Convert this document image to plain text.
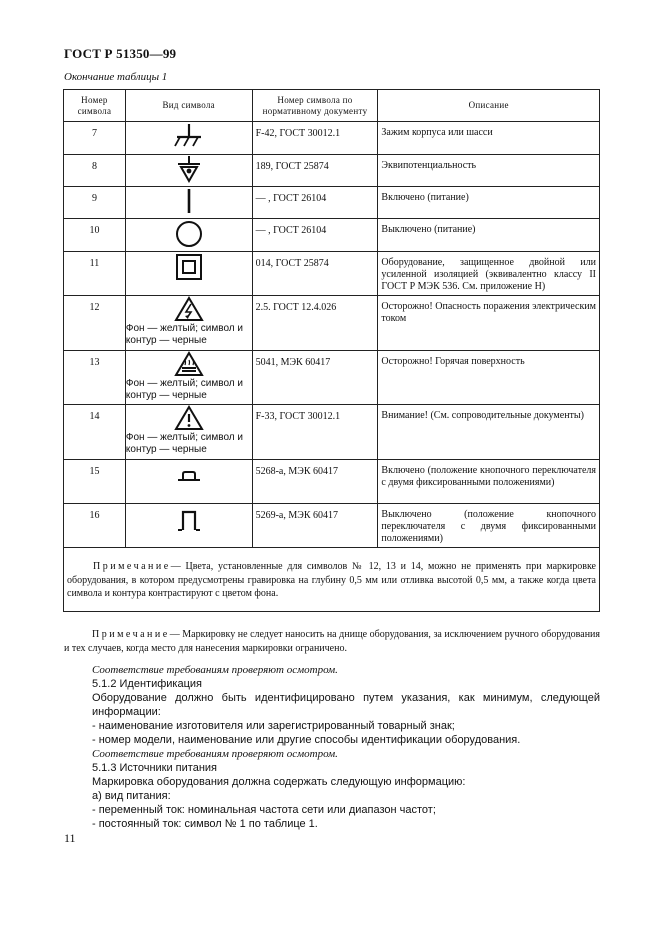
ГОСТ Р 51350—99
Окончание таблицы 1
Номер символа	Вид символа	Номер символа по нормативному документу	Описание
7		F-42, ГОСТ 30012.1	Зажим корпуса или шасси
8		189, ГОСТ 25874	Эквипотенциальность
9		— , ГОСТ 26104	Включено (питание)
10		— , ГОСТ 26104	Выключено (питание)
11		014, ГОСТ 25874	Оборудование, защищенное двойной или усиленной изоляцией (эквивалентно классу II ГОСТ Р МЭК 536. См. приложение Н)
12	Фон — желтый; символ и контур — черные	2.5. ГОСТ 12.4.026	Осторожно! Опасность поражения электрическим током
13	Фон — желтый; символ и контур — черные	5041, МЭК 60417	Осторожно! Горячая поверхность
14	Фон — желтый; символ и контур — черные	F-33, ГОСТ 30012.1	Внимание! (См. сопроводительные документы)
15		5268-а, МЭК 60417	Включено (положение кнопочного переключателя с двумя фиксированными положениями)
16		5269-а, МЭК 60417	Выключено (положение кнопочного переключателя с двумя фиксированными положениями)
Примечание— Цвета, установленные для символов № 12, 13 и 14, можно не применять при маркировке оборудования, в котором предусмотрены гравировка на глубину 0,5 мм или отливка высотой 0,5 мм, а также когда цвета символа и контура контрастируют с цветом фона.			
Примечание— Маркировку не следует наносить на днище оборудования, за исключением ручного оборудования и тех случаев, когда место для нанесения маркировки ограничено.
Соответствие требованиям проверяют осмотром.
5.1.2 Идентификация
Оборудование должно быть идентифицировано путем указания, как минимум, следующей информации:
- наименование изготовителя или зарегистрированный товарный знак;
- номер модели, наименование или другие способы идентификации оборудования.
Соответствие требованиям проверяют осмотром.
5.1.3 Источники питания
Маркировка оборудования должна содержать следующую информацию:
а) вид питания:
- переменный ток: номинальная частота сети или диапазон частот;
- постоянный ток: символ № 1 по таблице 1.
11
